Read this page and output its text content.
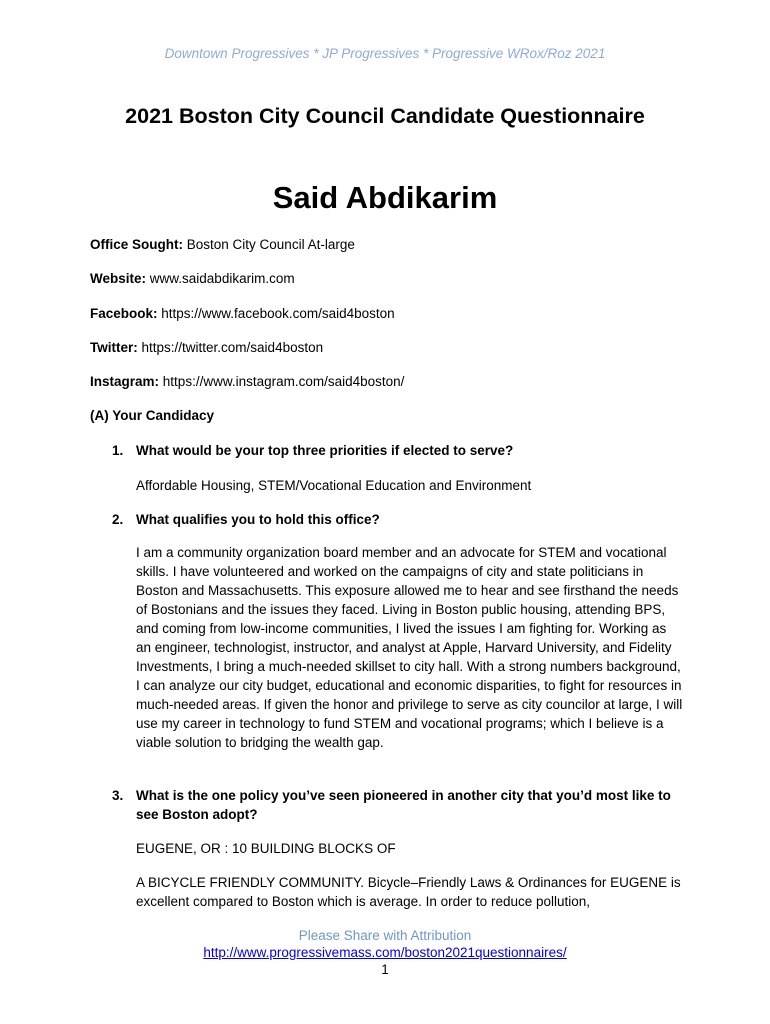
Downtown Progressives * JP Progressives * Progressive WRox/Roz 2021
2021 Boston City Council Candidate Questionnaire
Said Abdikarim
Office Sought: Boston City Council At-large
Website: www.saidabdikarim.com
Facebook: https://www.facebook.com/said4boston
Twitter: https://twitter.com/said4boston
Instagram: https://www.instagram.com/said4boston/
(A) Your Candidacy
1. What would be your top three priorities if elected to serve?
Affordable Housing, STEM/Vocational Education and Environment
2. What qualifies you to hold this office?
I am a community organization board member and an advocate for STEM and vocational skills. I have volunteered and worked on the campaigns of city and state politicians in Boston and Massachusetts. This exposure allowed me to hear and see firsthand the needs of Bostonians and the issues they faced. Living in Boston public housing, attending BPS, and coming from low-income communities, I lived the issues I am fighting for. Working as an engineer, technologist, instructor, and analyst at Apple, Harvard University, and Fidelity Investments, I bring a much-needed skillset to city hall. With a strong numbers background, I can analyze our city budget, educational and economic disparities, to fight for resources in much-needed areas. If given the honor and privilege to serve as city councilor at large, I will use my career in technology to fund STEM and vocational programs; which I believe is a viable solution to bridging the wealth gap.
3. What is the one policy you’ve seen pioneered in another city that you’d most like to see Boston adopt?
EUGENE, OR : 10 BUILDING BLOCKS OF
A BICYCLE FRIENDLY COMMUNITY. Bicycle–Friendly Laws & Ordinances for EUGENE is excellent compared to Boston which is average. In order to reduce pollution,
Please Share with Attribution
http://www.progressivemass.com/boston2021questionnaires/
1
